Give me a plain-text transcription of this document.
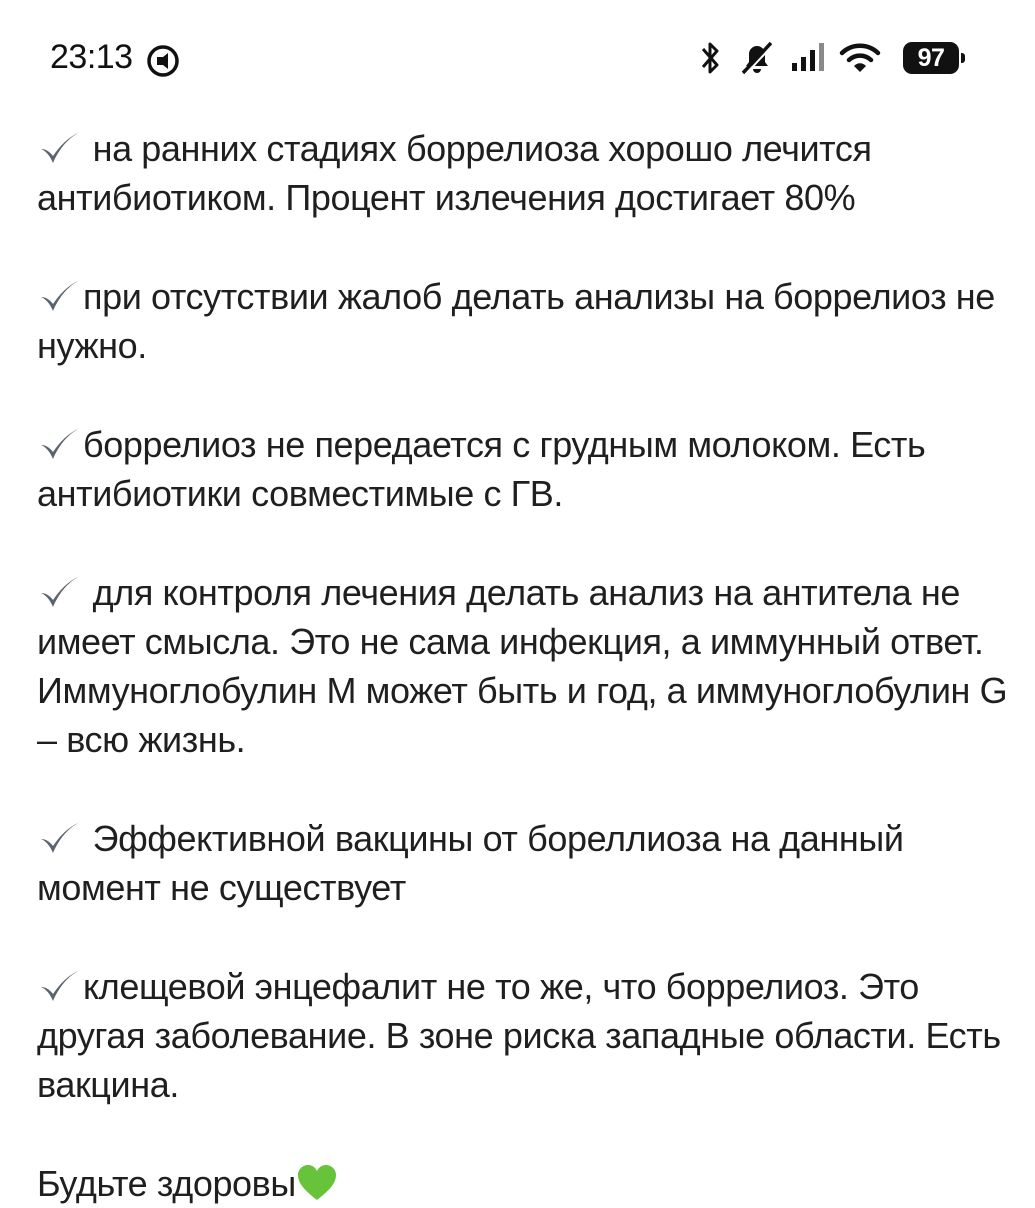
23:13	97

на ранних стадиях боррелиоза хорошо лечится антибиотиком. Процент излечения достигает 80%

при отсутствии жалоб делать анализы на боррелиоз не нужно.

боррелиоз не передается с грудным молоком. Есть антибиотики совместимые с ГВ.

для контроля лечения делать анализ на антитела не имеет смысла. Это не сама инфекция, а иммунный ответ. Иммуноглобулин М может быть и год, а иммуноглобулин G – всю жизнь.

Эффективной вакцины от бореллиоза на данный момент не существует

клещевой энцефалит не то же, что боррелиоз. Это другая заболевание. В зоне риска западные области. Есть вакцина.

Будьте здоровы
